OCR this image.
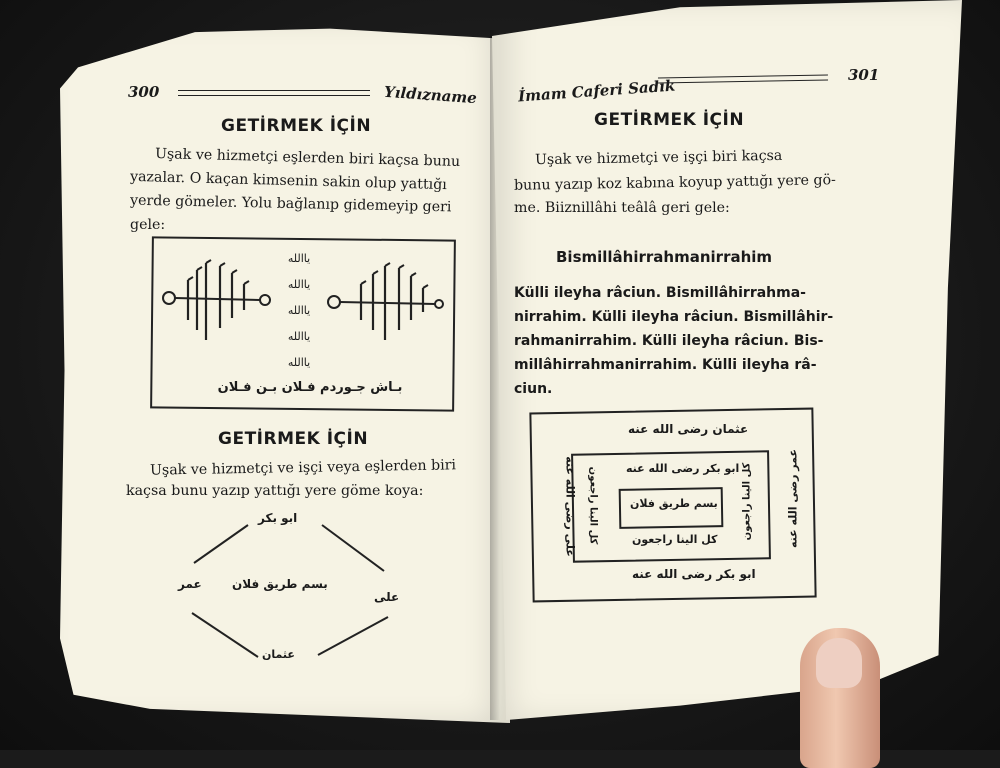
300	Yıldızname
GETİRMEK İÇİN
Uşak ve hizmetçi eşlerden biri kaçsa bunu
yazalar. O kaçan kimsenin sakin olup yattığı
yerde gömeler. Yolu bağlanıp gidemeyip geri
gele:
یاالله
یاالله
یاالله
یاالله
یاالله
بـاش جـوردم فـلان بـن فـلان
GETİRMEK İÇİN
Uşak ve hizmetçi ve işçi veya eşlerden biri
kaçsa bunu yazıp yattığı yere göme koya:
ابو بكر
عمر	بسم طريق فلان
على
عثمان
İmam Caferi Sadık
301
GETİRMEK İÇİN
Uşak ve hizmetçi ve işçi biri kaçsa
bunu yazıp koz kabına koyup yattığı yere gö-
me. Biiznillâhi teâlâ geri gele:
Bismillâhirrahmanirrahim
Külli ileyha râciun. Bismillâhirrahma-
nirrahim. Külli ileyha râciun. Bismillâhir-
rahmanirrahim. Külli ileyha râciun. Bis-
millâhirrahmanirrahim. Külli ileyha râ-
ciun.
عثمان رضى الله عنه
على رضى الله عنه	عمر رضى الله عنه
ابو بكر رضى الله عنه
ابو بكر رضى الله عنه
كل الينا راجعون	كل الينا راجعون
كل الينا راجعون
بسم طريق فلان
